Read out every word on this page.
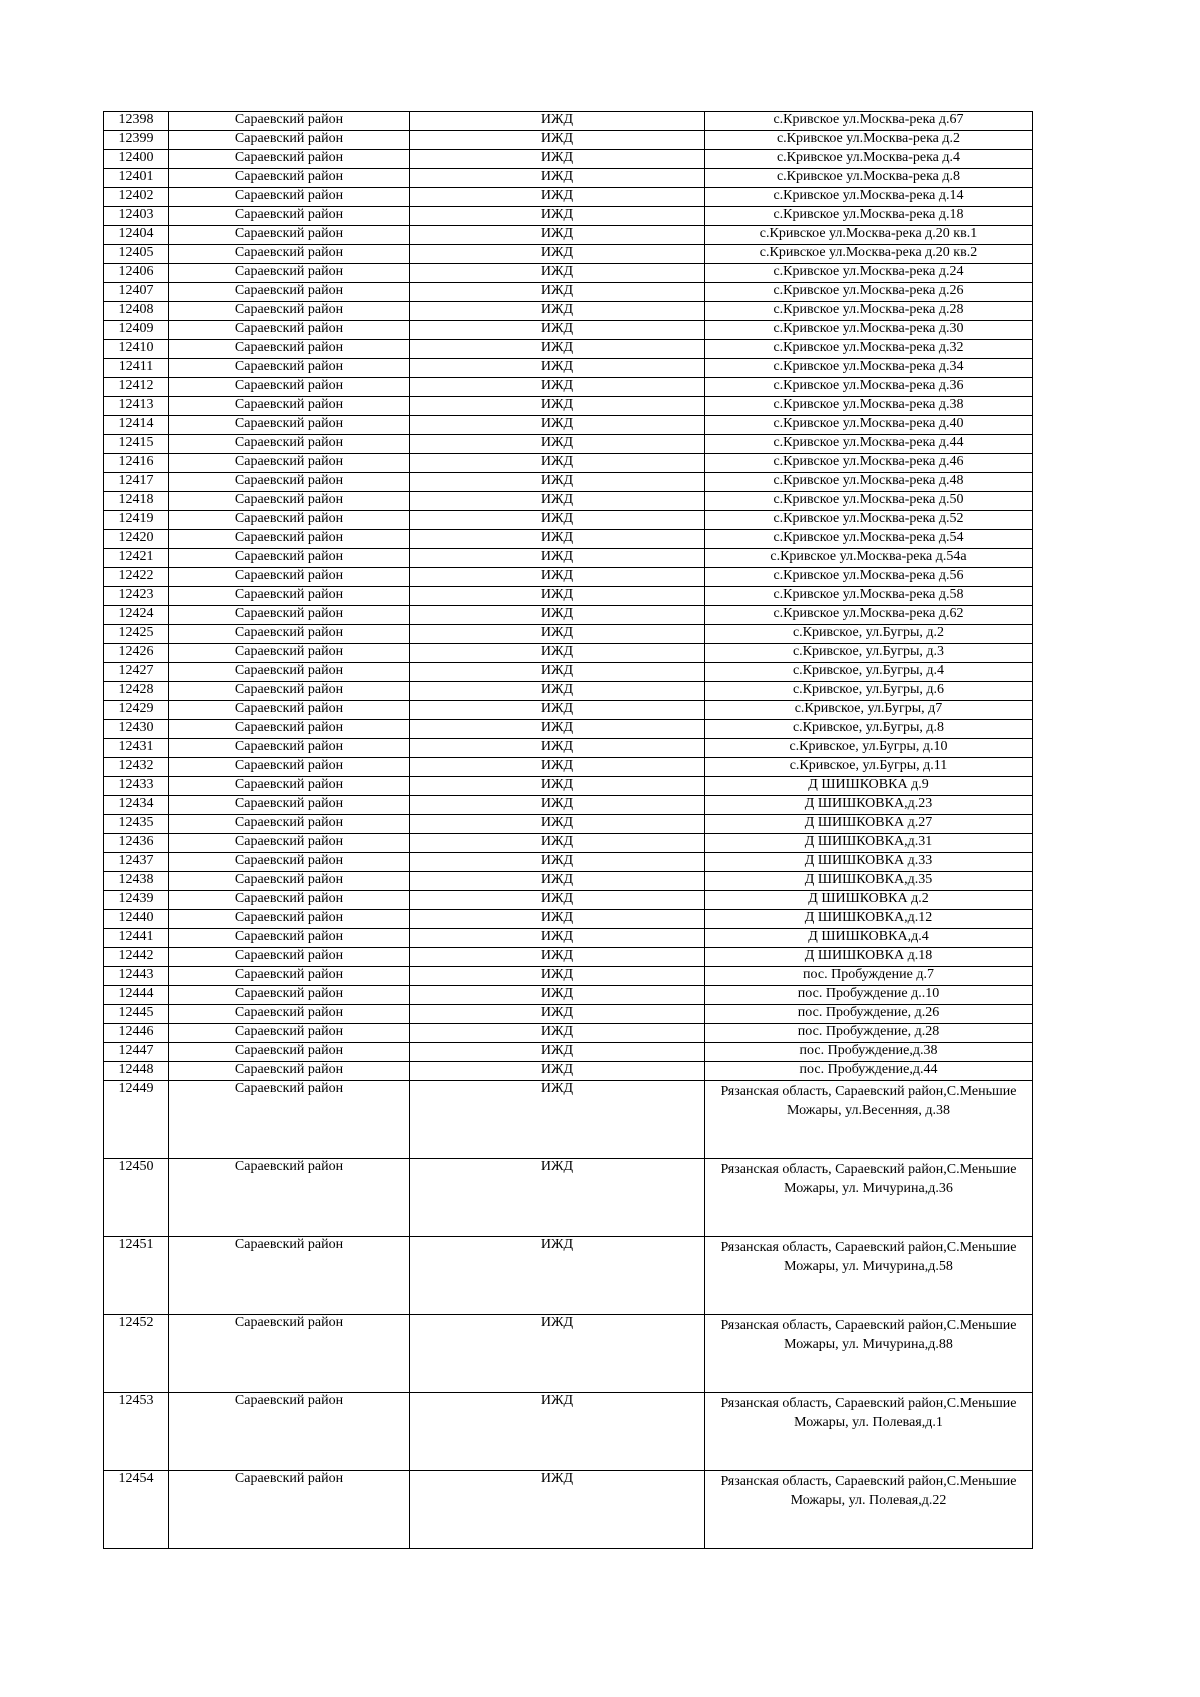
12398	Сараевский район	ИЖД	с.Кривское ул.Москва-река д.67
12399	Сараевский район	ИЖД	с.Кривское ул.Москва-река д.2
12400	Сараевский район	ИЖД	с.Кривское ул.Москва-река д.4
12401	Сараевский район	ИЖД	с.Кривское ул.Москва-река д.8
12402	Сараевский район	ИЖД	с.Кривское ул.Москва-река д.14
12403	Сараевский район	ИЖД	с.Кривское ул.Москва-река д.18
12404	Сараевский район	ИЖД	с.Кривское ул.Москва-река д.20 кв.1
12405	Сараевский район	ИЖД	с.Кривское ул.Москва-река д.20 кв.2
12406	Сараевский район	ИЖД	с.Кривское ул.Москва-река д.24
12407	Сараевский район	ИЖД	с.Кривское ул.Москва-река д.26
12408	Сараевский район	ИЖД	с.Кривское ул.Москва-река д.28
12409	Сараевский район	ИЖД	с.Кривское ул.Москва-река д.30
12410	Сараевский район	ИЖД	с.Кривское ул.Москва-река д.32
12411	Сараевский район	ИЖД	с.Кривское ул.Москва-река д.34
12412	Сараевский район	ИЖД	с.Кривское ул.Москва-река д.36
12413	Сараевский район	ИЖД	с.Кривское ул.Москва-река д.38
12414	Сараевский район	ИЖД	с.Кривское ул.Москва-река д.40
12415	Сараевский район	ИЖД	с.Кривское ул.Москва-река д.44
12416	Сараевский район	ИЖД	с.Кривское ул.Москва-река д.46
12417	Сараевский район	ИЖД	с.Кривское ул.Москва-река д.48
12418	Сараевский район	ИЖД	с.Кривское ул.Москва-река д.50
12419	Сараевский район	ИЖД	с.Кривское ул.Москва-река д.52
12420	Сараевский район	ИЖД	с.Кривское ул.Москва-река д.54
12421	Сараевский район	ИЖД	с.Кривское ул.Москва-река д.54а
12422	Сараевский район	ИЖД	с.Кривское ул.Москва-река д.56
12423	Сараевский район	ИЖД	с.Кривское ул.Москва-река д.58
12424	Сараевский район	ИЖД	с.Кривское ул.Москва-река д.62
12425	Сараевский район	ИЖД	с.Кривское, ул.Бугры, д.2
12426	Сараевский район	ИЖД	с.Кривское, ул.Бугры, д.3
12427	Сараевский район	ИЖД	с.Кривское, ул.Бугры, д.4
12428	Сараевский район	ИЖД	с.Кривское, ул.Бугры, д.6
12429	Сараевский район	ИЖД	с.Кривское, ул.Бугры, д7
12430	Сараевский район	ИЖД	с.Кривское, ул.Бугры, д.8
12431	Сараевский район	ИЖД	с.Кривское, ул.Бугры, д.10
12432	Сараевский район	ИЖД	с.Кривское, ул.Бугры, д.11
12433	Сараевский район	ИЖД	Д ШИШКОВКА д.9
12434	Сараевский район	ИЖД	Д ШИШКОВКА,д.23
12435	Сараевский район	ИЖД	Д ШИШКОВКА д.27
12436	Сараевский район	ИЖД	Д ШИШКОВКА,д.31
12437	Сараевский район	ИЖД	Д ШИШКОВКА д.33
12438	Сараевский район	ИЖД	Д ШИШКОВКА,д.35
12439	Сараевский район	ИЖД	Д ШИШКОВКА д.2
12440	Сараевский район	ИЖД	Д ШИШКОВКА,д.12
12441	Сараевский район	ИЖД	Д ШИШКОВКА,д.4
12442	Сараевский район	ИЖД	Д ШИШКОВКА д.18
12443	Сараевский район	ИЖД	пос. Пробуждение д.7
12444	Сараевский район	ИЖД	пос. Пробуждение д..10
12445	Сараевский район	ИЖД	пос. Пробуждение, д.26
12446	Сараевский район	ИЖД	пос. Пробуждение, д.28
12447	Сараевский район	ИЖД	пос. Пробуждение,д.38
12448	Сараевский район	ИЖД	пос. Пробуждение,д.44
12449	Сараевский район	ИЖД	Рязанская область, Сараевский район,С.Меньшие Можары, ул.Весенняя, д.38
12450	Сараевский район	ИЖД	Рязанская область, Сараевский район,С.Меньшие Можары, ул. Мичурина,д.36
12451	Сараевский район	ИЖД	Рязанская область, Сараевский район,С.Меньшие Можары, ул. Мичурина,д.58
12452	Сараевский район	ИЖД	Рязанская область, Сараевский район,С.Меньшие Можары, ул. Мичурина,д.88
12453	Сараевский район	ИЖД	Рязанская область, Сараевский район,С.Меньшие Можары, ул. Полевая,д.1
12454	Сараевский район	ИЖД	Рязанская область, Сараевский район,С.Меньшие Можары, ул. Полевая,д.22
